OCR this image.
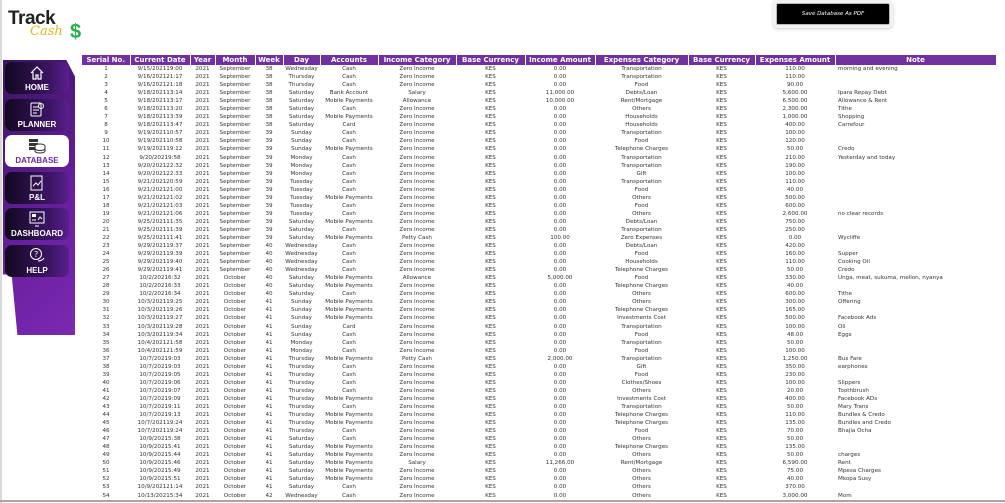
Track
Cash $
Save Database As PDF
HOME
PLANNER
DATABASE
P&L
DASHBOARD
?
HELP
Serial No.	Current Date	Year	Month	Week	Day	Accounts	Income Category	Base Currency	Income Amount	Expenses Category	Base Currency	Expenses Amount	Note
1	9/15/202119:00	2021	September	38	Wednesday	Cash	Zero Income	KES	0.00	Transportation	KES	110.00	morning and evening
2	9/16/202121:17	2021	September	38	Thursday	Cash	Zero Income	KES	0.00	Transportation	KES	110.00	
3	9/16/202121:18	2021	September	38	Thursday	Cash	Zero Income	KES	0.00	Food	KES	90.00	
4	9/18/202113:14	2021	September	38	Saturday	Bank Account	Salary	KES	11,000.00	Debts/Loan	KES	5,600.00	Ipara Repay Debt
5	9/18/202113:17	2021	September	38	Saturday	Mobile Payments	Allowance	KES	10,000.00	Rent/Mortgage	KES	6,500.00	Allowance & Rent
6	9/18/202113:20	2021	September	38	Saturday	Cash	Zero Income	KES	0.00	Others	KES	2,300.00	Tithe
7	9/18/202113:39	2021	September	38	Saturday	Mobile Payments	Zero Income	KES	0.00	Households	KES	1,000.00	Shopping
8	9/18/202113:47	2021	September	38	Saturday	Card	Zero Income	KES	0.00	Households	KES	400.00	Carrefour
9	9/19/202110:57	2021	September	39	Sunday	Cash	Zero Income	KES	0.00	Transportation	KES	100.00	
10	9/19/202110:58	2021	September	39	Sunday	Cash	Zero Income	KES	0.00	Food	KES	120.00	
11	9/19/202119:12	2021	September	39	Sunday	Mobile Payments	Zero Income	KES	0.00	Telephone Charges	KES	50.00	Credo
12	9/20/20219:58	2021	September	39	Monday	Cash	Zero Income	KES	0.00	Transportation	KES	210.00	Yesterday and today
13	9/20/202122:32	2021	September	39	Monday	Cash	Zero Income	KES	0.00	Transportation	KES	190.00	
14	9/20/202122:33	2021	September	39	Monday	Cash	Zero Income	KES	0.00	Gift	KES	100.00	
15	9/21/202120:59	2021	September	39	Tuesday	Cash	Zero Income	KES	0.00	Transportation	KES	110.00	
16	9/21/202121:00	2021	September	39	Tuesday	Cash	Zero Income	KES	0.00	Food	KES	40.00	
17	9/21/202121:02	2021	September	39	Tuesday	Mobile Payments	Zero Income	KES	0.00	Others	KES	500.00	
18	9/21/202121:03	2021	September	39	Tuesday	Cash	Zero Income	KES	0.00	Food	KES	600.00	
19	9/21/202121:06	2021	September	39	Tuesday	Cash	Zero Income	KES	0.00	Others	KES	2,600.00	no clear records
20	9/25/202111:35	2021	September	39	Saturday	Mobile Payments	Zero Income	KES	0.00	Debts/Loan	KES	750.00	
21	9/25/202111:39	2021	September	39	Saturday	Cash	Zero Income	KES	0.00	Transportation	KES	250.00	
22	9/25/202111:41	2021	September	39	Saturday	Mobile Payments	Petty Cash	KES	100.00	Zero Expenses	KES	0.00	Wycliffe
23	9/29/202119:37	2021	September	40	Wednesday	Cash	Zero Income	KES	0.00	Debts/Loan	KES	420.00	
24	9/29/202119:39	2021	September	40	Wednesday	Cash	Zero Income	KES	0.00	Food	KES	160.00	Supper
25	9/29/202119:40	2021	September	40	Wednesday	Cash	Zero Income	KES	0.00	Households	KES	110.00	Cooking Oil
26	9/29/202119:41	2021	September	40	Wednesday	Cash	Zero Income	KES	0.00	Telephone Charges	KES	50.00	Credo
27	10/2/20216:32	2021	October	40	Saturday	Mobile Payments	Allowance	KES	5,000.00	Food	KES	330.00	Unga, meat, sukuma, mellon, nyanya
28	10/2/20216:33	2021	October	40	Saturday	Mobile Payments	Zero Income	KES	0.00	Telephone Charges	KES	40.00	
29	10/2/20216:34	2021	October	40	Saturday	Cash	Zero Income	KES	0.00	Others	KES	600.00	Tithe
30	10/3/202119:25	2021	October	41	Sunday	Mobile Payments	Zero Income	KES	0.00	Others	KES	300.00	Offering
31	10/3/202119:26	2021	October	41	Sunday	Mobile Payments	Zero Income	KES	0.00	Telephone Charges	KES	165.00	
32	10/3/202119:27	2021	October	41	Sunday	Mobile Payments	Zero Income	KES	0.00	Investments Cost	KES	500.00	Facebook Ads
33	10/3/202119:28	2021	October	41	Sunday	Card	Zero Income	KES	0.00	Transportation	KES	100.00	Oli
34	10/3/202119:34	2021	October	41	Sunday	Cash	Zero Income	KES	0.00	Food	KES	48.00	Eggs
35	10/4/202121:58	2021	October	41	Monday	Cash	Zero Income	KES	0.00	Transportation	KES	50.00	
36	10/4/202121:59	2021	October	41	Monday	Cash	Zero Income	KES	0.00	Food	KES	100.00	
37	10/7/20219:03	2021	October	41	Thursday	Mobile Payments	Petty Cash	KES	2,000.00	Transportation	KES	1,250.00	Bus Fare
38	10/7/20219:03	2021	October	41	Thursday	Cash	Zero Income	KES	0.00	Gift	KES	350.00	earphones
39	10/7/20219:05	2021	October	41	Thursday	Cash	Zero Income	KES	0.00	Food	KES	230.00	
40	10/7/20219:06	2021	October	41	Thursday	Cash	Zero Income	KES	0.00	Clothes/Shoes	KES	100.00	Slippers
41	10/7/20219:07	2021	October	41	Thursday	Cash	Zero Income	KES	0.00	Others	KES	20.00	Toothbrush
42	10/7/20219:09	2021	October	41	Thursday	Mobile Payments	Zero Income	KES	0.00	Investments Cost	KES	400.00	Facebook ADs
43	10/7/20219:11	2021	October	41	Thursday	Cash	Zero Income	KES	0.00	Transportation	KES	50.00	Mary Trans
44	10/7/20219:13	2021	October	41	Thursday	Mobile Payments	Zero Income	KES	0.00	Telephone Charges	KES	110.00	Bundles & Credo
45	10/7/202119:24	2021	October	41	Thursday	Mobile Payments	Zero Income	KES	0.00	Telephone Charges	KES	135.00	Bundles and Credo
46	10/7/202119:24	2021	October	41	Thursday	Cash	Zero Income	KES	0.00	Food	KES	70.00	Bhajia Ocha
47	10/9/20215:38	2021	October	41	Saturday	Cash	Zero Income	KES	0.00	Others	KES	50.00	
48	10/9/20215:41	2021	October	41	Saturday	Mobile Payments	Zero Income	KES	0.00	Telephone Charges	KES	135.00	
49	10/9/20215:44	2021	October	41	Saturday	Mobile Payments	Zero Income	KES	0.00	Others	KES	50.00	charges
50	10/9/20215:46	2021	October	41	Saturday	Mobile Payments	Salary	KES	11,266.00	Rent/Mortgage	KES	6,590.00	Rent
51	10/9/20215:49	2021	October	41	Saturday	Mobile Payments	Zero Income	KES	0.00	Others	KES	75.00	Mpesa Charges
52	10/9/20215:51	2021	October	41	Saturday	Mobile Payments	Zero Income	KES	0.00	Others	KES	40.00	Mkopa Susy
53	10/9/202121:14	2021	October	41	Saturday	Cash	Zero Income	KES	0.00	Others	KES	370.00	
54	10/13/20215:34	2021	October	42	Wednesday	Cash	Zero Income	KES	0.00	Others	KES	3,000.00	Mom
